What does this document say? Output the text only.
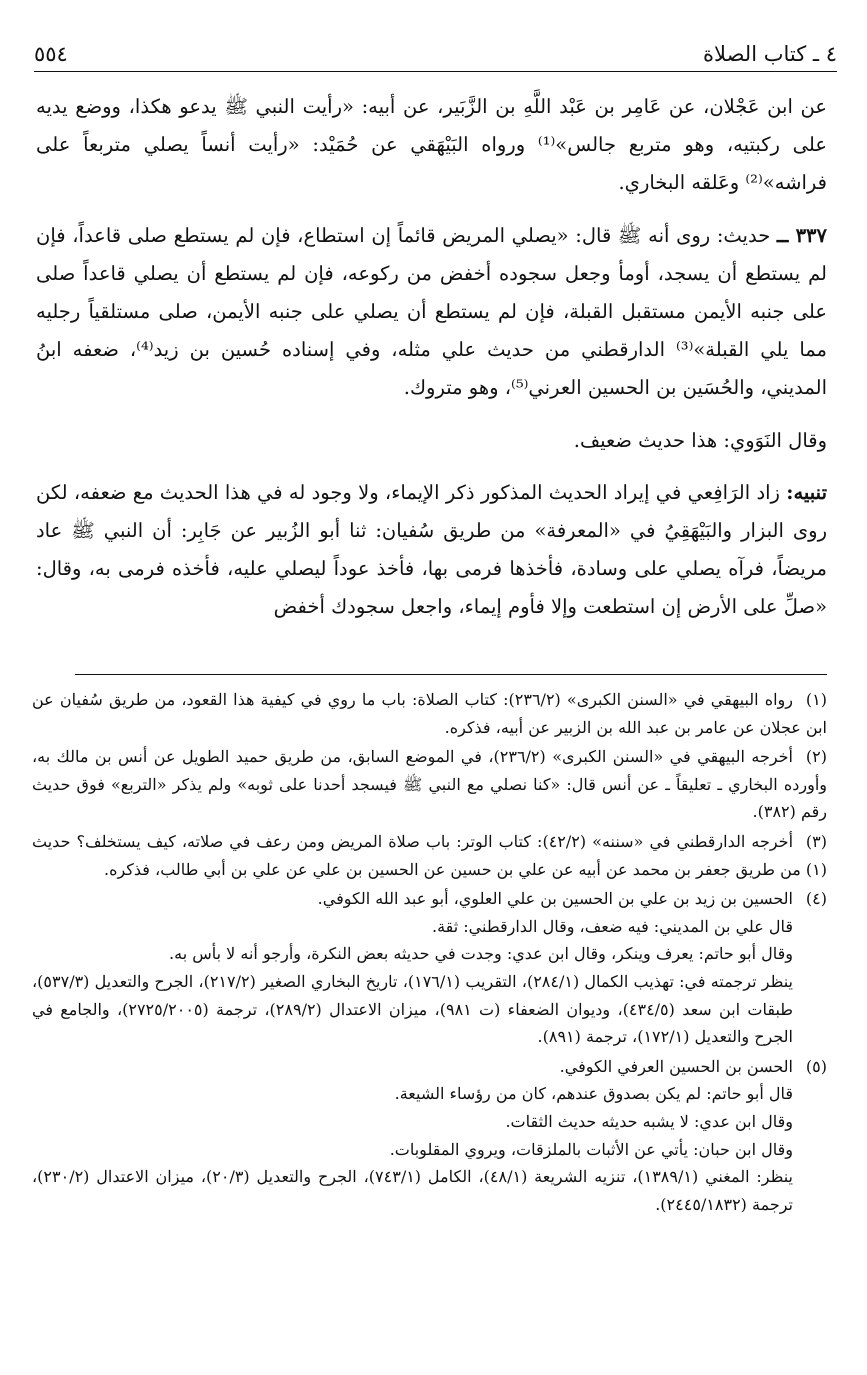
٥٥٤	٤ ـ كتاب الصلاة

عن ابن عَجْلان، عن عَامِر بن عَبْد اللَّهِ بن الزَّبَير، عن أبيه: «رأيت النبي ﷺ يدعو هكذا، ووضع يديه على ركبتيه، وهو متربع جالس»⁽¹⁾ ورواه البَيْهَقي عن حُمَيْد: «رأيت أنساً يصلي متربعاً على فراشه»⁽²⁾ وعَلقه البخاري.

٣٣٧ ــ حديث: روى أنه ﷺ قال: «يصلي المريض قائماً إن استطاع، فإن لم يستطع صلى قاعداً، فإن لم يستطع أن يسجد، أومأ وجعل سجوده أخفض من ركوعه، فإن لم يستطع أن يصلي قاعداً صلى على جنبه الأيمن مستقبل القبلة، فإن لم يستطع أن يصلي على جنبه الأيمن، صلى مستلقياً رجليه مما يلي القبلة»⁽³⁾ الدارقطني من حديث علي مثله، وفي إسناده حُسين بن زيد⁽⁴⁾، ضعفه ابنُ المديني، والحُسَين بن الحسين العرني⁽⁵⁾، وهو متروك.

وقال النَوَوي: هذا حديث ضعيف.

تنبيه: زاد الرَافِعي في إيراد الحديث المذكور ذكر الإيماء، ولا وجود له في هذا الحديث مع ضعفه، لكن روى البزار والبَيْهَقِيُ في «المعرفة» من طريق سُفيان: ثنا أبو الزُبير عن جَابِر: أن النبي ﷺ عاد مريضاً، فرآه يصلي على وسادة، فأخذها فرمى بها، فأخذ عوداً ليصلي عليه، فأخذه فرمى به، وقال: «صلِّ على الأرض إن استطعت وإلا فأوم إيماء، واجعل سجودك أخفض

(١)رواه البيهقي في «السنن الكبرى» (٢٣٦/٢): كتاب الصلاة: باب ما روي في كيفية هذا القعود، من طريق سُفيان عن ابن عجلان عن عامر بن عبد الله بن الزبير عن أبيه، فذكره.

(٢)أخرجه البيهقي في «السنن الكبرى» (٢٣٦/٢)، في الموضع السابق، من طريق حميد الطويل عن أنس بن مالك به، وأورده البخاري ـ تعليقاً ـ عن أنس قال: «كنا نصلي مع النبي ﷺ فيسجد أحدنا على ثوبه» ولم يذكر «التربع» فوق حديث رقم (٣٨٢).

(٣)أخرجه الدارقطني في «سننه» (٤٢/٢): كتاب الوتر: باب صلاة المريض ومن رعف في صلاته، كيف يستخلف؟ حديث (١) من طريق جعفر بن محمد عن أبيه عن علي بن حسين عن الحسين بن علي عن علي بن أبي طالب، فذكره.

(٤)الحسين بن زيد بن علي بن الحسين بن علي العلوي، أبو عبد الله الكوفي.

قال علي بن المديني: فيه ضعف، وقال الدارقطني: ثقة.

وقال أبو حاتم: يعرف وينكر، وقال ابن عدي: وجدت في حديثه بعض النكرة، وأرجو أنه لا بأس به.

ينظر ترجمته في: تهذيب الكمال (٢٨٤/١)، التقريب (١٧٦/١)، تاريخ البخاري الصغير (٢١٧/٢)، الجرح والتعديل (٥٣٧/٣)، طبقات ابن سعد (٤٣٤/٥)، وديوان الضعفاء (ت ٩٨١)، ميزان الاعتدال (٢٨٩/٢)، ترجمة (٢٧٢٥/٢٠٠٥)، والجامع في الجرح والتعديل (١٧٢/١)، ترجمة (٨٩١).

(٥)الحسن بن الحسين العرفي الكوفي.

قال أبو حاتم: لم يكن بصدوق عندهم، كان من رؤساء الشيعة.

وقال ابن عدي: لا يشبه حديثه حديث الثقات.

وقال ابن حبان: يأتي عن الأثبات بالملزقات، ويروي المقلوبات.

ينظر: المغني (١٣٨٩/١)، تنزيه الشريعة (٤٨/١)، الكامل (٧٤٣/١)، الجرح والتعديل (٢٠/٣)، ميزان الاعتدال (٢٣٠/٢)، ترجمة (٢٤٤٥/١٨٣٢).
